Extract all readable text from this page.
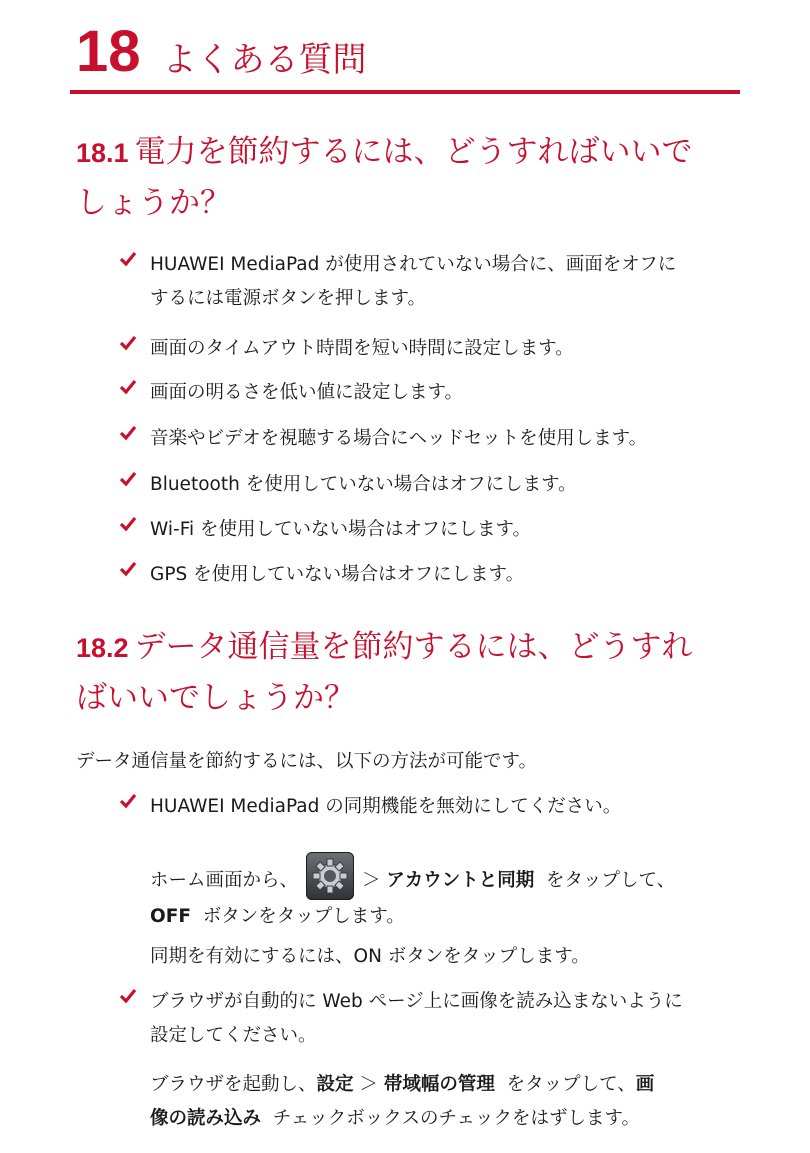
18 よくある質問
18.1 電力を節約するには、どうすればいいで
しょうか？
HUAWEI MediaPad が使用されていない場合に、画面をオフに
するには電源ボタンを押します。
画面のタイムアウト時間を短い時間に設定します。
画面の明るさを低い値に設定します。
音楽やビデオを視聴する場合にヘッドセットを使用します。
Bluetooth を使用していない場合はオフにします。
Wi-Fi を使用していない場合はオフにします。
GPS を使用していない場合はオフにします。
18.2 データ通信量を節約するには、どうすれ
ばいいでしょうか？
データ通信量を節約するには、以下の方法が可能です。
HUAWEI MediaPad の同期機能を無効にしてください。
ホーム画面から、	＞ アカウントと同期 をタップして、
OFF ボタンをタップします。
同期を有効にするには、ON ボタンをタップします。
ブラウザが自動的に Web ページ上に画像を読み込まないように
設定してください。
ブラウザを起動し、設定 ＞ 帯域幅の管理 をタップして、画
像の読み込み チェックボックスのチェックをはずします。
